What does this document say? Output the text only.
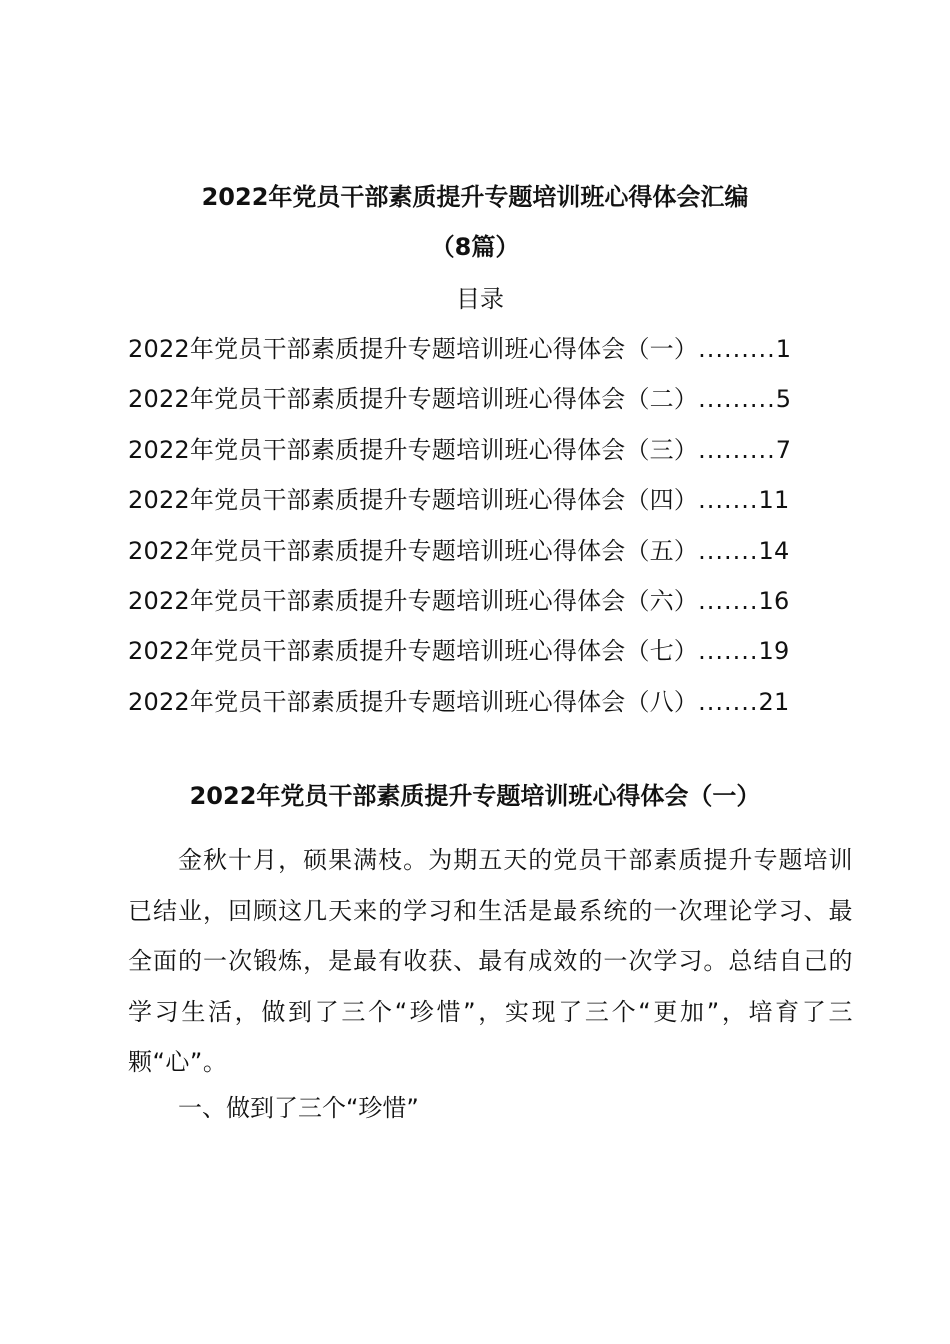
2022年党员干部素质提升专题培训班心得体会汇编
（8篇）
目录
2022年党员干部素质提升专题培训班心得体会（一）.........1
2022年党员干部素质提升专题培训班心得体会（二）.........5
2022年党员干部素质提升专题培训班心得体会（三）.........7
2022年党员干部素质提升专题培训班心得体会（四）.......11
2022年党员干部素质提升专题培训班心得体会（五）.......14
2022年党员干部素质提升专题培训班心得体会（六）.......16
2022年党员干部素质提升专题培训班心得体会（七）.......19
2022年党员干部素质提升专题培训班心得体会（八）.......21
2022年党员干部素质提升专题培训班心得体会（一）

金秋十月，硕果满枝。为期五天的党员干部素质提升专题培训已结业，回顾这几天来的学习和生活是最系统的一次理论学习、最全面的一次锻炼，是最有收获、最有成效的一次学习。总结自己的学习生活，做到了三个“珍惜”，实现了三个“更加”，培育了三颗“心”。

一、做到了三个“珍惜”
